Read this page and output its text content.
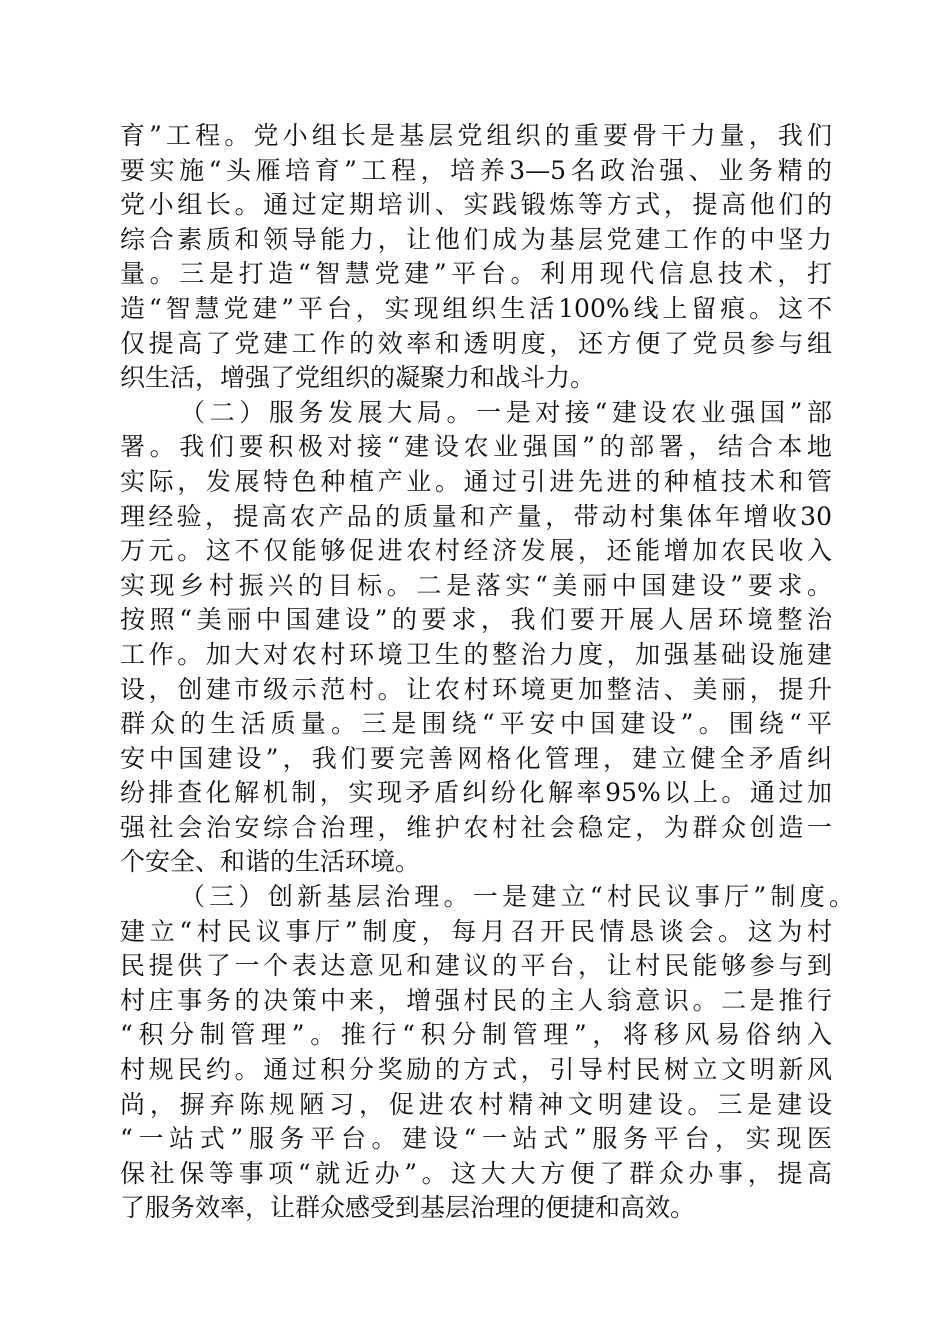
育”工程。党小组长是基层党组织的重要骨干力量，我们
要实施“头雁培育”工程，培养3—5名政治强、业务精的
党小组长。通过定期培训、实践锻炼等方式，提高他们的
综合素质和领导能力，让他们成为基层党建工作的中坚力
量。三是打造“智慧党建”平台。利用现代信息技术，打
造“智慧党建”平台，实现组织生活100%线上留痕。这不
仅提高了党建工作的效率和透明度，还方便了党员参与组
织生活，增强了党组织的凝聚力和战斗力。
（二）服务发展大局。一是对接“建设农业强国”部
署。我们要积极对接“建设农业强国”的部署，结合本地
实际，发展特色种植产业。通过引进先进的种植技术和管
理经验，提高农产品的质量和产量，带动村集体年增收30
万元。这不仅能够促进农村经济发展，还能增加农民收入
实现乡村振兴的目标。二是落实“美丽中国建设”要求。
按照“美丽中国建设”的要求，我们要开展人居环境整治
工作。加大对农村环境卫生的整治力度，加强基础设施建
设，创建市级示范村。让农村环境更加整洁、美丽，提升
群众的生活质量。三是围绕“平安中国建设”。围绕“平
安中国建设”，我们要完善网格化管理，建立健全矛盾纠
纷排查化解机制，实现矛盾纠纷化解率95%以上。通过加
强社会治安综合治理，维护农村社会稳定，为群众创造一
个安全、和谐的生活环境。
（三）创新基层治理。一是建立“村民议事厅”制度。
建立“村民议事厅”制度，每月召开民情恳谈会。这为村
民提供了一个表达意见和建议的平台，让村民能够参与到
村庄事务的决策中来，增强村民的主人翁意识。二是推行
“积分制管理”。推行“积分制管理”，将移风易俗纳入
村规民约。通过积分奖励的方式，引导村民树立文明新风
尚，摒弃陈规陋习，促进农村精神文明建设。三是建设
“一站式”服务平台。建设“一站式”服务平台，实现医
保社保等事项“就近办”。这大大方便了群众办事，提高
了服务效率，让群众感受到基层治理的便捷和高效。
